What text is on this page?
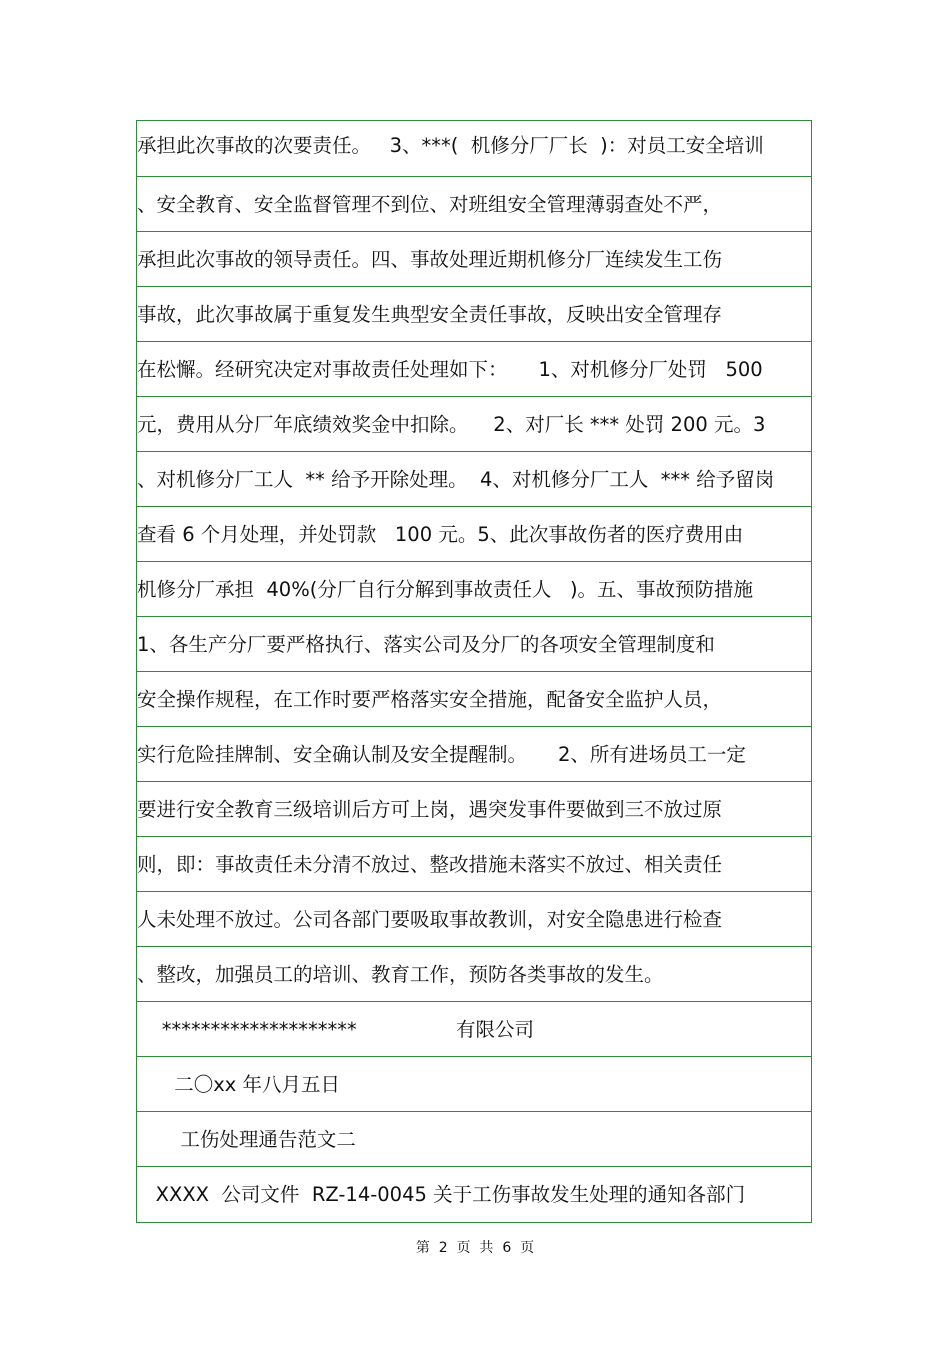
承担此次事故的次要责任。   3、***(  机修分厂厂长  )：对员工安全培训
、安全教育、安全监督管理不到位、对班组安全管理薄弱查处不严，
承担此次事故的领导责任。四、事故处理近期机修分厂连续发生工伤
事故，此次事故属于重复发生典型安全责任事故，反映出安全管理存
在松懈。经研究决定对事故责任处理如下：     1、对机修分厂处罚   500
元，费用从分厂年底绩效奖金中扣除。    2、对厂长 *** 处罚 200 元。3
、对机修分厂工人  ** 给予开除处理。  4、对机修分厂工人  *** 给予留岗
查看 6 个月处理，并处罚款   100 元。5、此次事故伤者的医疗费用由
机修分厂承担  40%(分厂自行分解到事故责任人   )。五、事故预防措施
1、各生产分厂要严格执行、落实公司及分厂的各项安全管理制度和
安全操作规程，在工作时要严格落实安全措施，配备安全监护人员，
实行危险挂牌制、安全确认制及安全提醒制。     2、所有进场员工一定
要进行安全教育三级培训后方可上岗，遇突发事件要做到三不放过原
则，即：事故责任未分清不放过、整改措施未落实不放过、相关责任
人未处理不放过。公司各部门要吸取事故教训，对安全隐患进行检查
、整改，加强员工的培训、教育工作，预防各类事故的发生。
********************                有限公司
二〇xx 年八月五日
工伤处理通告范文二
XXXX  公司文件  RZ-14-0045 关于工伤事故发生处理的通知各部门
第  2  页  共  6  页
